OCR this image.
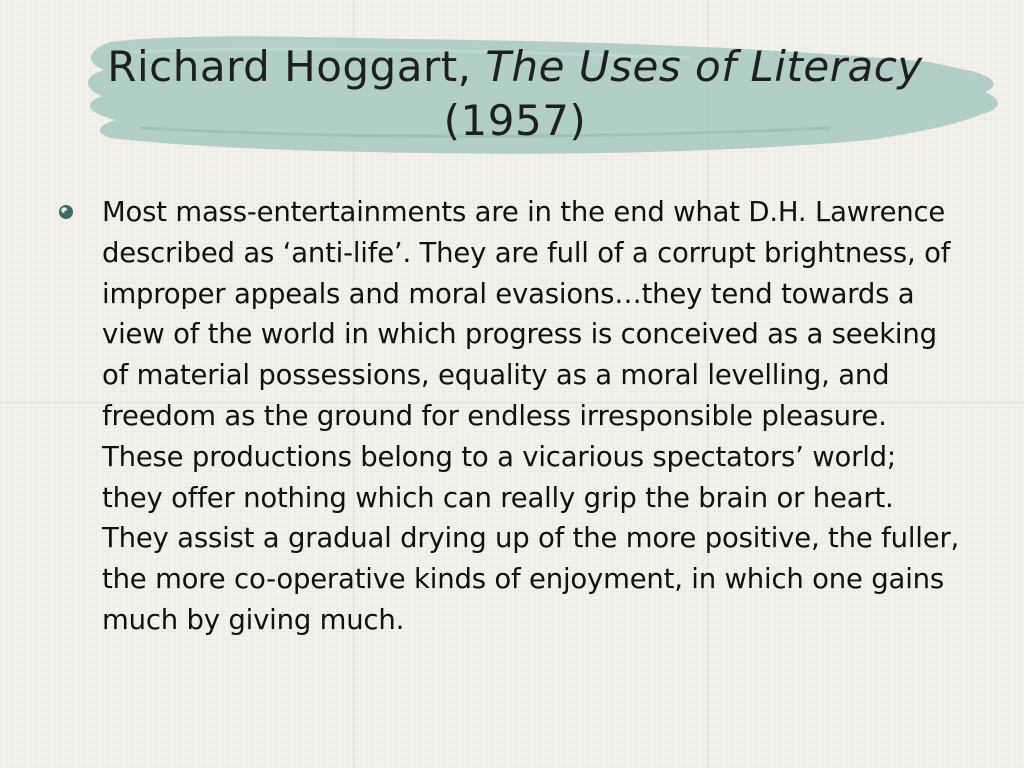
Richard Hoggart, The Uses of Literacy (1957)
Most mass-entertainments are in the end what D.H. Lawrence described as ‘anti-life’. They are full of a corrupt brightness, of improper appeals and moral evasions…they tend towards a view of the world in which progress is conceived as a seeking of material possessions, equality as a moral levelling, and freedom as the ground for endless irresponsible pleasure. These productions belong to a vicarious spectators’ world; they offer nothing which can really grip the brain or heart. They assist a gradual drying up of the more positive, the fuller, the more co-operative kinds of enjoyment, in which one gains much by giving much.
